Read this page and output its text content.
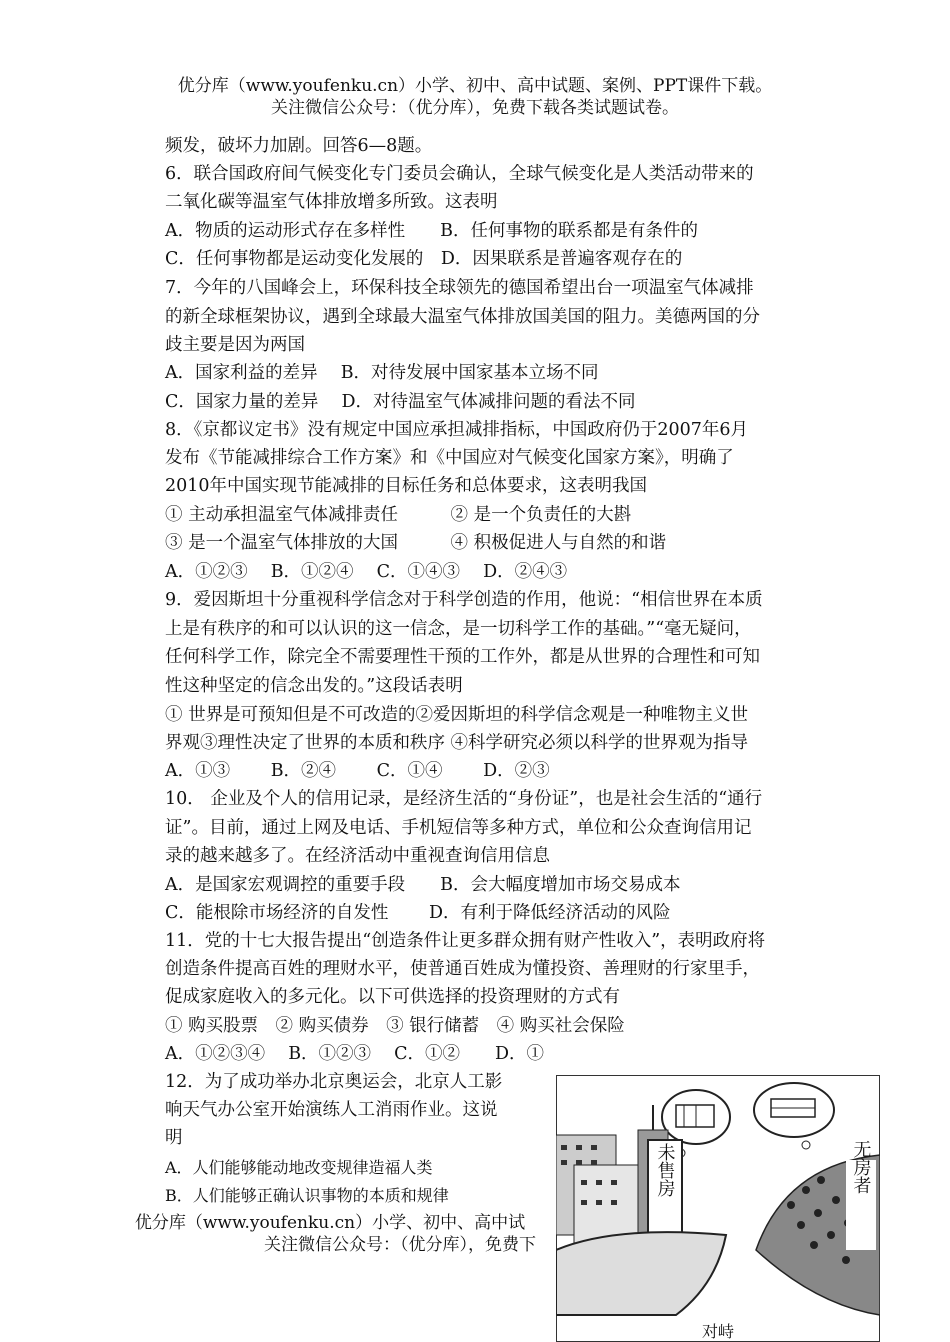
优分库（www.youfenku.cn）小学、初中、高中试题、案例、PPT课件下载。
关注微信公众号：（优分库），免费下载各类试题试卷。
频发，破坏力加剧。回答6—8题。
6．联合国政府间气候变化专门委员会确认，全球气候变化是人类活动带来的
二氧化碳等温室气体排放增多所致。这表明
A．物质的运动形式存在多样性　　B．任何事物的联系都是有条件的
C．任何事物都是运动变化发展的　D．因果联系是普遍客观存在的
7．今年的八国峰会上，环保科技全球领先的德国希望出台一项温室气体减排
的新全球框架协议，遇到全球最大温室气体排放国美国的阻力。美德两国的分
歧主要是因为两国
A．国家利益的差异　 B．对待发展中国家基本立场不同
C．国家力量的差异　 D．对待温室气体减排问题的看法不同
8．《京都议定书》没有规定中国应承担减排指标，中国政府仍于2007年6月
发布《节能减排综合工作方案》和《中国应对气候变化国家方案》，明确了
2010年中国实现节能减排的目标任务和总体要求，这表明我国
① 主动承担温室气体减排责任　　　② 是一个负责任的大斟
③ 是一个温室气体排放的大国　　　④ 积极促进人与自然的和谐
A．①②③　 B．①②④　 C．①④③　 D．②④③
9．爱因斯坦十分重视科学信念对于科学创造的作用，他说：“相信世界在本质
上是有秩序的和可以认识的这一信念，是一切科学工作的基础。”“毫无疑问，
任何科学工作，除完全不需要理性干预的工作外，都是从世界的合理性和可知
性这种坚定的信念出发的。”这段话表明
① 世界是可预知但是不可改造的②爱因斯坦的科学信念观是一种唯物主义世
界观③理性决定了世界的本质和秩序 ④科学研究必须以科学的世界观为指导
A．①③　　 B．②④　　 C．①④　　 D．②③
10． 企业及个人的信用记录，是经济生活的“身份证”，也是社会生活的“通行
证”。目前，通过上网及电话、手机短信等多种方式，单位和公众查询信用记
录的越来越多了。在经济活动中重视查询信用信息
A．是国家宏观调控的重要手段　　B．会大幅度增加市场交易成本
C．能根除市场经济的自发性　　 D．有利于降低经济活动的风险
11．党的十七大报告提出“创造条件让更多群众拥有财产性收入”，表明政府将
创造条件提高百姓的理财水平，使普通百姓成为懂投资、善理财的行家里手，
促成家庭收入的多元化。以下可供选择的投资理财的方式有
① 购买股票　② 购买债券　③ 银行储蓄　④ 购买社会保险
A．①②③④　 B．①②③　 C．①②　　D．①
12．为了成功举办北京奥运会，北京人工影
响天气办公室开始演练人工消雨作业。这说
明
A．人们能够能动地改变规律造福人类
B．人们能够正确认识事物的本质和规律	未售房	无房者
对峙
优分库（www.youfenku.cn）小学、初中、高中试
关注微信公众号：（优分库），免费下
